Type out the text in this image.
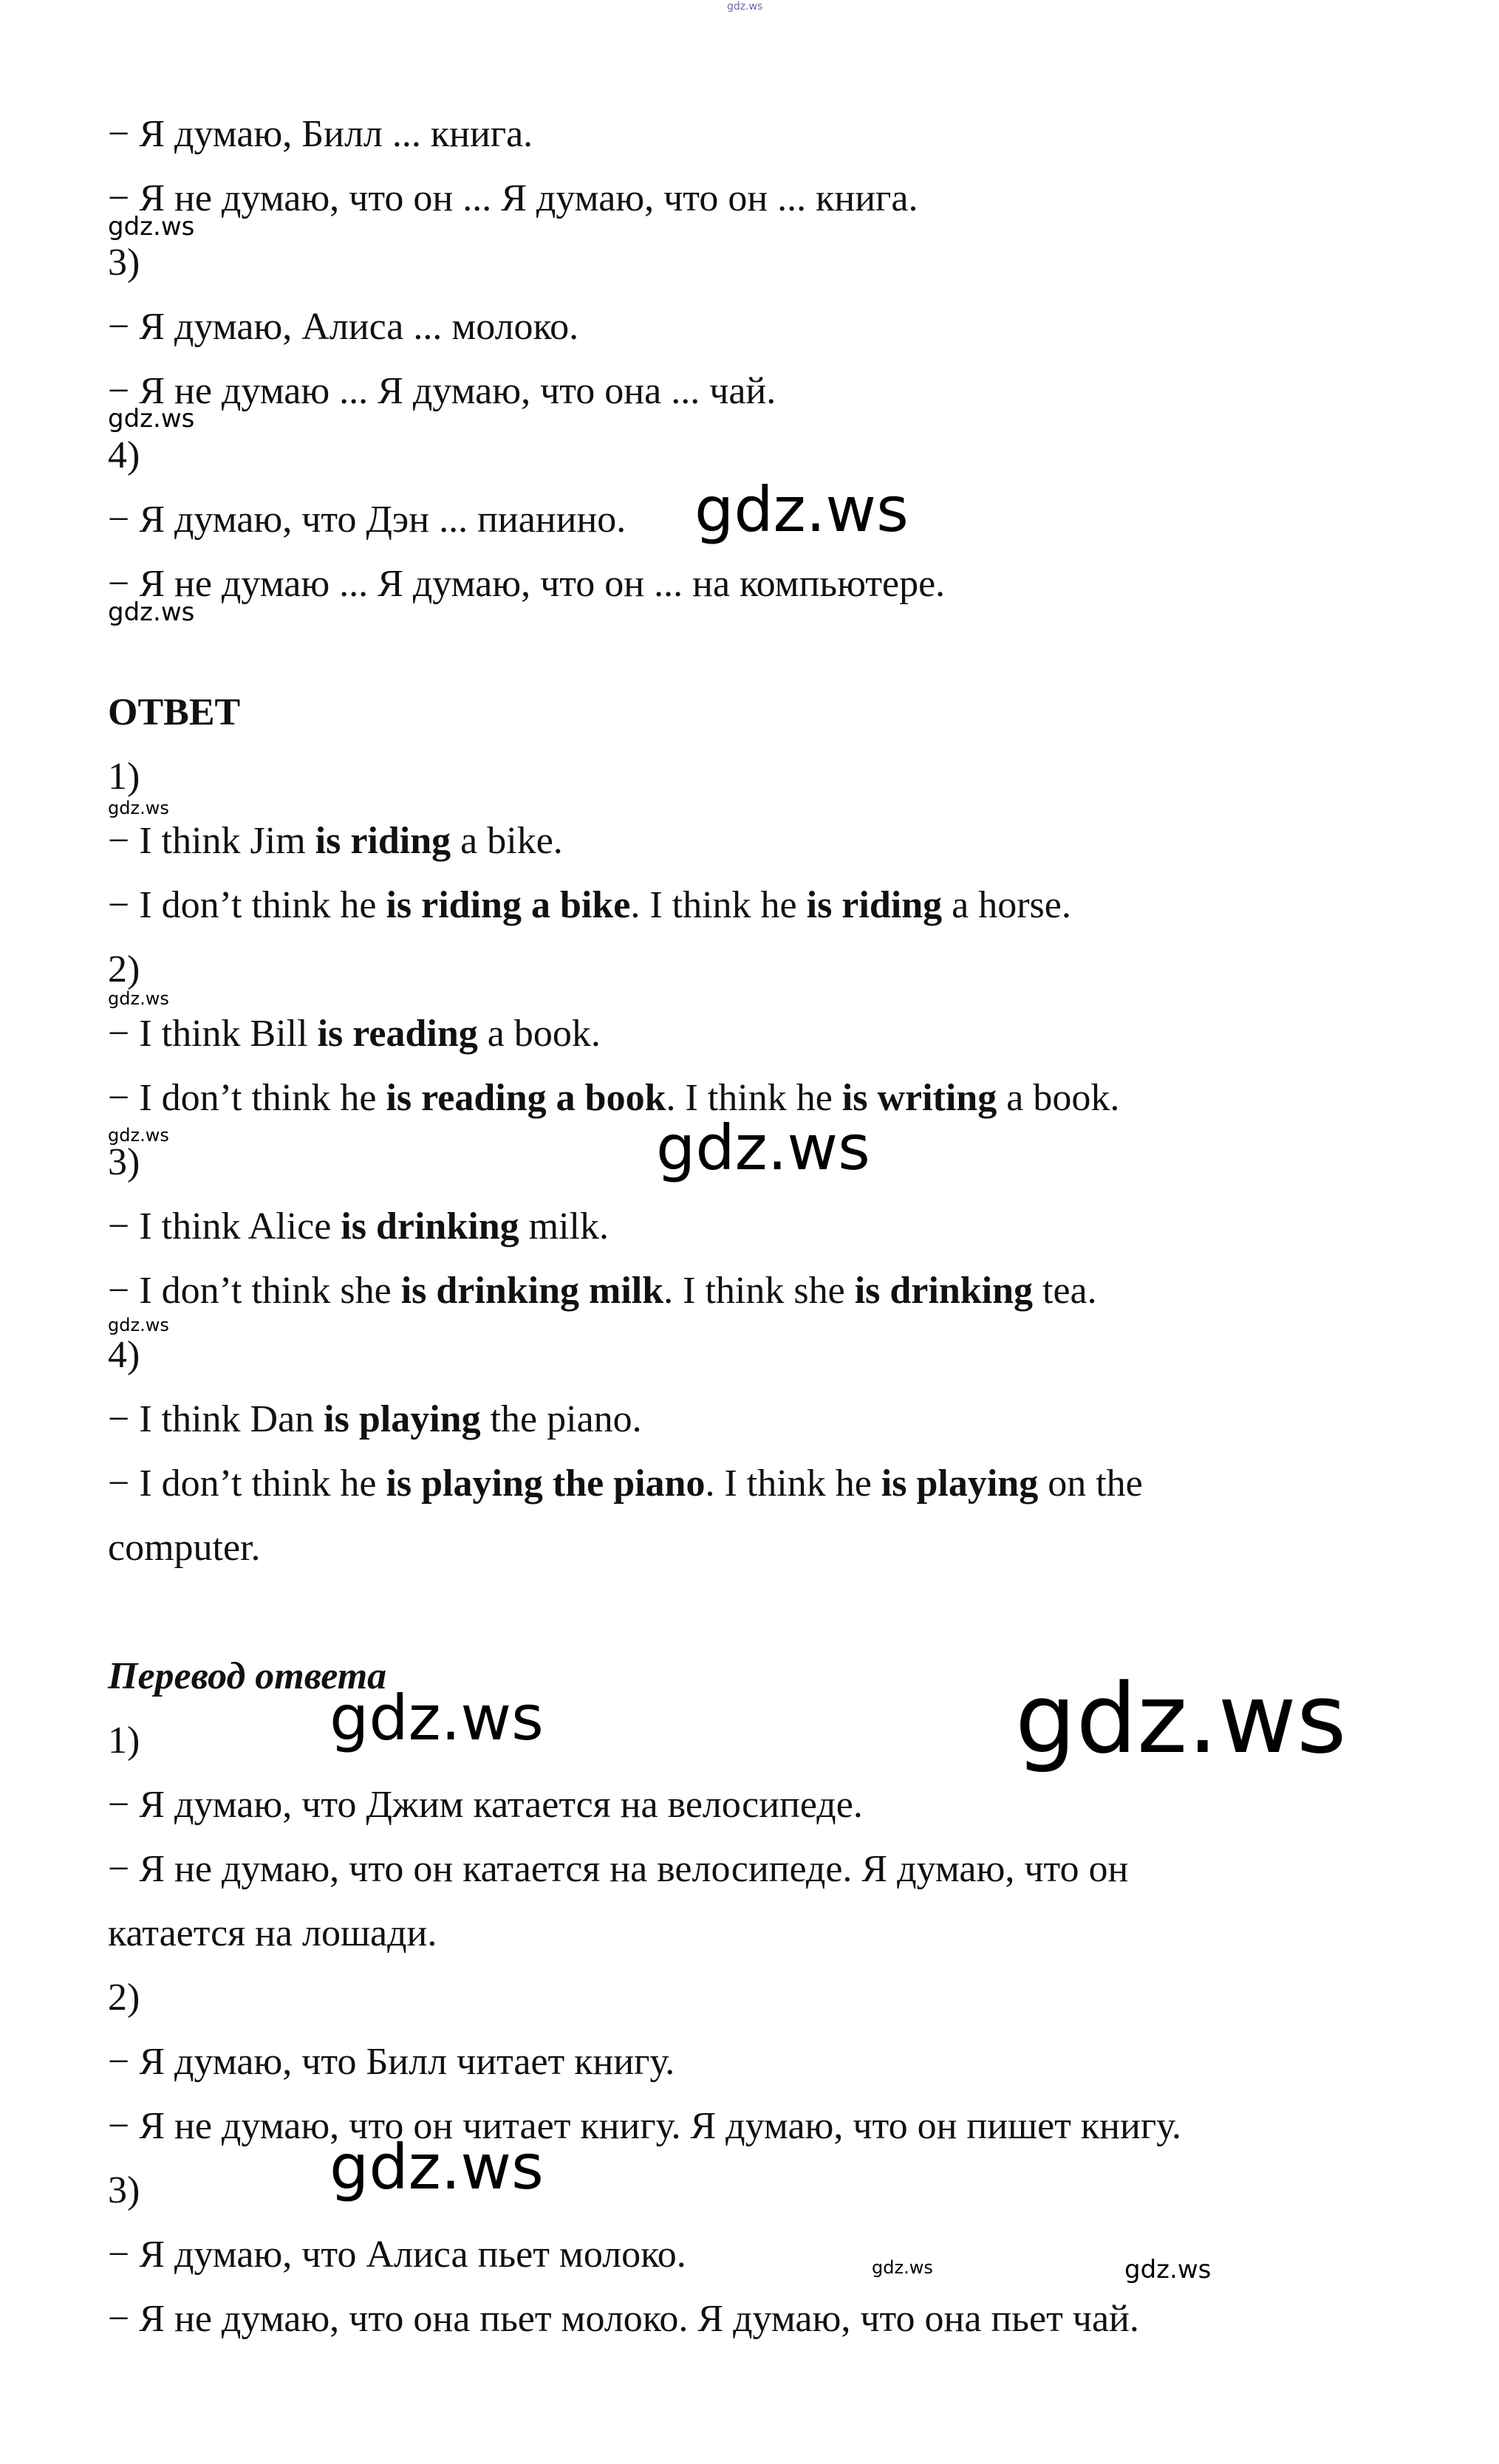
gdz.ws
gdz.ws
gdz.ws
gdz.ws
gdz.ws
gdz.ws
gdz.ws
gdz.ws	gdz.ws
gdz.ws
gdz.ws	gdz.ws
gdz.ws
gdz.ws	gdz.ws

− Я думаю, Билл ... книга.

− Я не думаю, что он ... Я думаю, что он ... книга.

3)

− Я думаю, Алиса ... молоко.

− Я не думаю ... Я думаю, что она ... чай.

4)

− Я думаю, что Дэн ... пианино.

− Я не думаю ... Я думаю, что он ... на компьютере.

ОТВЕТ

1)

− I think Jim is riding a bike.

− I don’t think he is riding a bike. I think he is riding a horse.

2)

− I think Bill is reading a book.

− I don’t think he is reading a book. I think he is writing a book.

3)

− I think Alice is drinking milk.

− I don’t think she is drinking milk. I think she is drinking tea.

4)

− I think Dan is playing the piano.

− I don’t think he is playing the piano. I think he is playing on the

computer.

Перевод ответа

1)

− Я думаю, что Джим катается на велосипеде.

− Я не думаю, что он катается на велосипеде. Я думаю, что он

катается на лошади.

2)

− Я думаю, что Билл читает книгу.

− Я не думаю, что он читает книгу. Я думаю, что он пишет книгу.

3)

− Я думаю, что Алиса пьет молоко.

− Я не думаю, что она пьет молоко. Я думаю, что она пьет чай.
